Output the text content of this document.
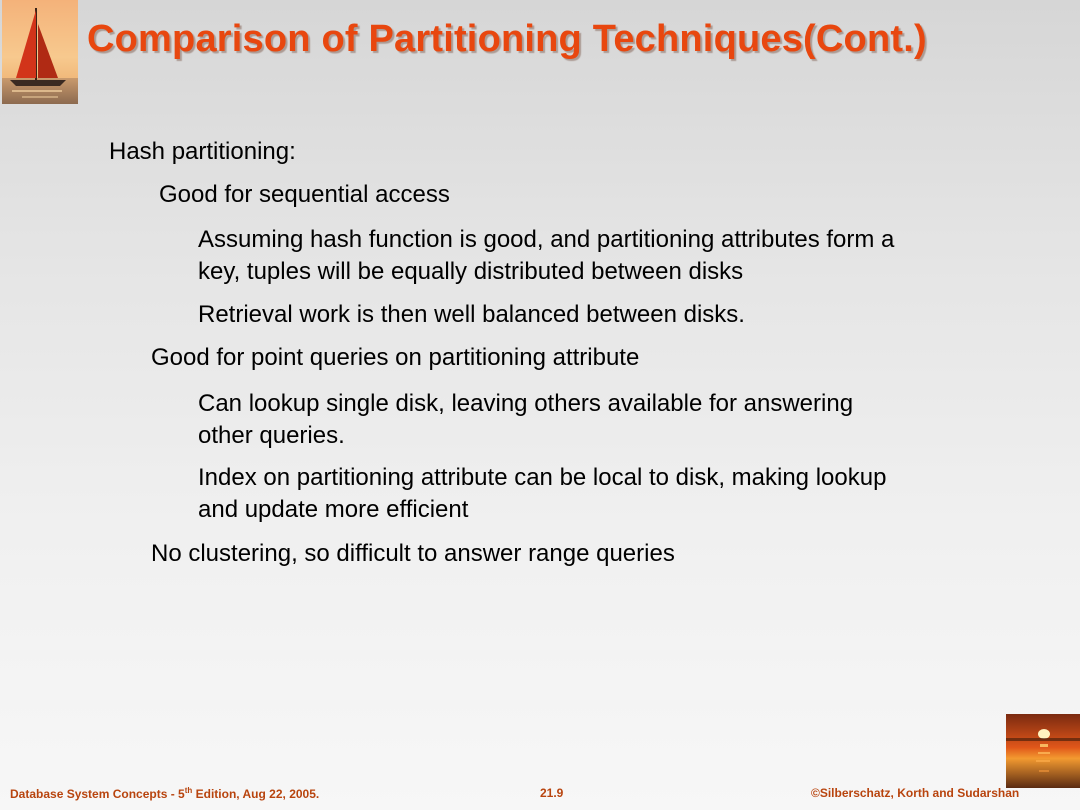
Comparison of Partitioning Techniques(Cont.)
Hash partitioning:
Good for sequential access
Assuming hash function is good, and partitioning attributes form a
key, tuples will be equally distributed between disks
Retrieval work is then well balanced between disks.
Good for point queries on partitioning attribute
Can lookup single disk, leaving others available for answering
other queries.
Index on partitioning attribute can be local to disk, making lookup
and update more efficient
No clustering, so difficult to answer range queries
Database System Concepts - 5th Edition, Aug 22, 2005.	21.9	©Silberschatz, Korth and Sudarshan
